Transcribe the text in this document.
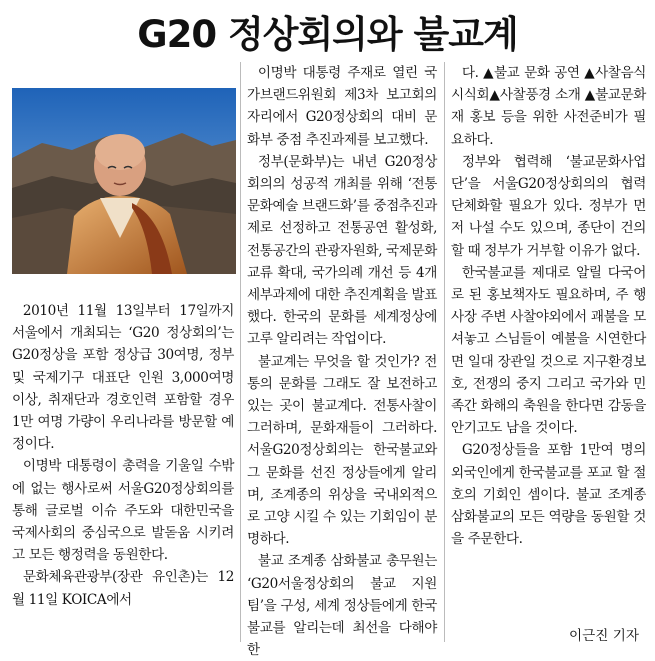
G20 정상회의와 불교계

2010년 11월 13일부터 17일까지 서울에서 개최되는 ‘G20 정상회의’는 G20정상을 포함 정상급 30여명, 정부 및 국제기구 대표단 인원 3,000여명 이상, 취재단과 경호인력 포함할 경우 1만 여명 가량이 우리나라를 방문할 예정이다.

이명박 대통령이 총력을 기울일 수밖에 없는 행사로써 서울G20정상회의를 통해 글로벌 이슈 주도와 대한민국을 국제사회의 중심국으로 발돋움 시키려고 모든 행정력을 동원한다.

문화체육관광부(장관 유인촌)는 12월 11일 KOICA에서

이명박 대통령 주재로 열린 국가브랜드위원회 제3차 보고회의 자리에서 G20정상회의 대비 문화부 중점 추진과제를 보고했다.

정부(문화부)는 내년 G20정상회의의 성공적 개최를 위해 ‘전통문화예술 브랜드화’를 중점추진과제로 선정하고 전통공연 활성화, 전통공간의 관광자원화, 국제문화교류 확대, 국가의례 개선 등 4개 세부과제에 대한 추진계획을 발표했다. 한국의 문화를 세계정상에 고루 알리려는 작업이다.

불교계는 무엇을 할 것인가? 전통의 문화를 그래도 잘 보전하고 있는 곳이 불교계다. 전통사찰이 그러하며, 문화재들이 그러하다. 서울G20정상회의는 한국불교와 그 문화를 선진 정상들에게 알리며, 조계종의 위상을 국내외적으로 고양 시킬 수 있는 기회임이 분명하다.

불교 조계종 삼화불교 총무원는 ‘G20서울정상회의 불교 지원팀’을 구성, 세계 정상들에게 한국불교를 알리는데 최선을 다해야 한

다. ▲불교 문화 공연 ▲사찰음식 시식회▲사찰풍경 소개 ▲불교문화재 홍보 등을 위한 사전준비가 필요하다.

정부와 협력해 ‘불교문화사업단’을 서울G20정상회의의 협력 단체화할 필요가 있다. 정부가 먼저 나설 수도 있으며, 종단이 건의할 때 정부가 거부할 이유가 없다.

한국불교를 제대로 알릴 다국어로 된 홍보책자도 필요하며, 주 행사장 주변 사찰야외에서 괘불을 모셔놓고 스님들이 예불을 시연한다면 일대 장관일 것으로 지구환경보호, 전쟁의 중지 그리고 국가와 민족간 화해의 축원을 한다면 감동을 안기고도 남을 것이다.

G20정상들을 포함 1만여 명의 외국인에게 한국불교를 포교 할 절호의 기회인 셈이다. 불교 조계종 삼화불교의 모든 역량을 동원할 것을 주문한다.

이근진 기자
